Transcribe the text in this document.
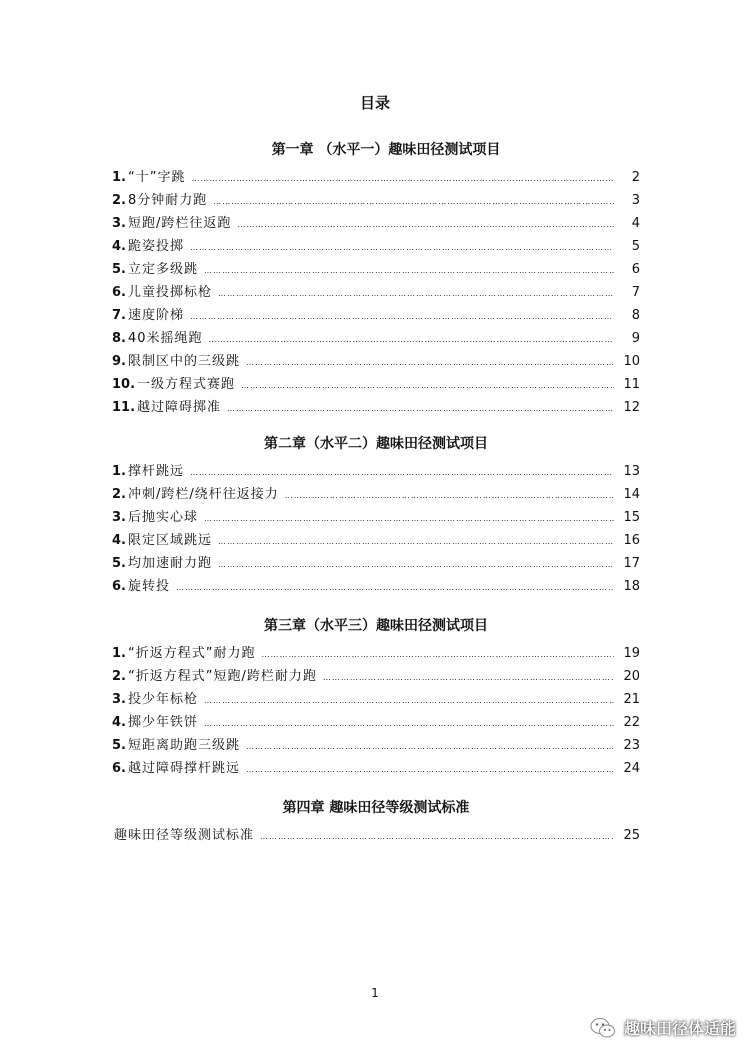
目录
第一章 （水平一）趣味田径测试项目
1. “十”字跳 …………………………………………………………………………………………………………………………………………………………………………………………	2
2. 8分钟耐力跑 …………………………………………………………………………………………………………………………………………………………………………………………	3
3. 短跑/跨栏往返跑 …………………………………………………………………………………………………………………………………………………………………………………………	4
4. 跪姿投掷 …………………………………………………………………………………………………………………………………………………………………………………………	5
5. 立定多级跳 …………………………………………………………………………………………………………………………………………………………………………………………	6
6. 儿童投掷标枪 …………………………………………………………………………………………………………………………………………………………………………………………	7
7. 速度阶梯 …………………………………………………………………………………………………………………………………………………………………………………………	8
8. 40米摇绳跑 …………………………………………………………………………………………………………………………………………………………………………………………	9
9. 限制区中的三级跳 …………………………………………………………………………………………………………………………………………………………………………………………	10
10. 一级方程式赛跑 …………………………………………………………………………………………………………………………………………………………………………………………	11
11. 越过障碍掷准 …………………………………………………………………………………………………………………………………………………………………………………………	12
第二章（水平二）趣味田径测试项目
1. 撑杆跳远 …………………………………………………………………………………………………………………………………………………………………………………………	13
2. 冲刺/跨栏/绕杆往返接力 …………………………………………………………………………………………………………………………………………………………………………………………	14
3. 后抛实心球 …………………………………………………………………………………………………………………………………………………………………………………………	15
4. 限定区域跳远 …………………………………………………………………………………………………………………………………………………………………………………………	16
5. 均加速耐力跑 …………………………………………………………………………………………………………………………………………………………………………………………	17
6. 旋转投 …………………………………………………………………………………………………………………………………………………………………………………………	18
第三章（水平三）趣味田径测试项目
1. “折返方程式”耐力跑 …………………………………………………………………………………………………………………………………………………………………………………………	19
2. “折返方程式”短跑/跨栏耐力跑 …………………………………………………………………………………………………………………………………………………………………………………………	20
3. 投少年标枪 …………………………………………………………………………………………………………………………………………………………………………………………	21
4. 掷少年铁饼 …………………………………………………………………………………………………………………………………………………………………………………………	22
5. 短距离助跑三级跳 …………………………………………………………………………………………………………………………………………………………………………………………	23
6. 越过障碍撑杆跳远 …………………………………………………………………………………………………………………………………………………………………………………………	24
第四章 趣味田径等级测试标准
趣味田径等级测试标准 …………………………………………………………………………………………………………………………………………………………………………………………	25
1
趣味田径体适能
